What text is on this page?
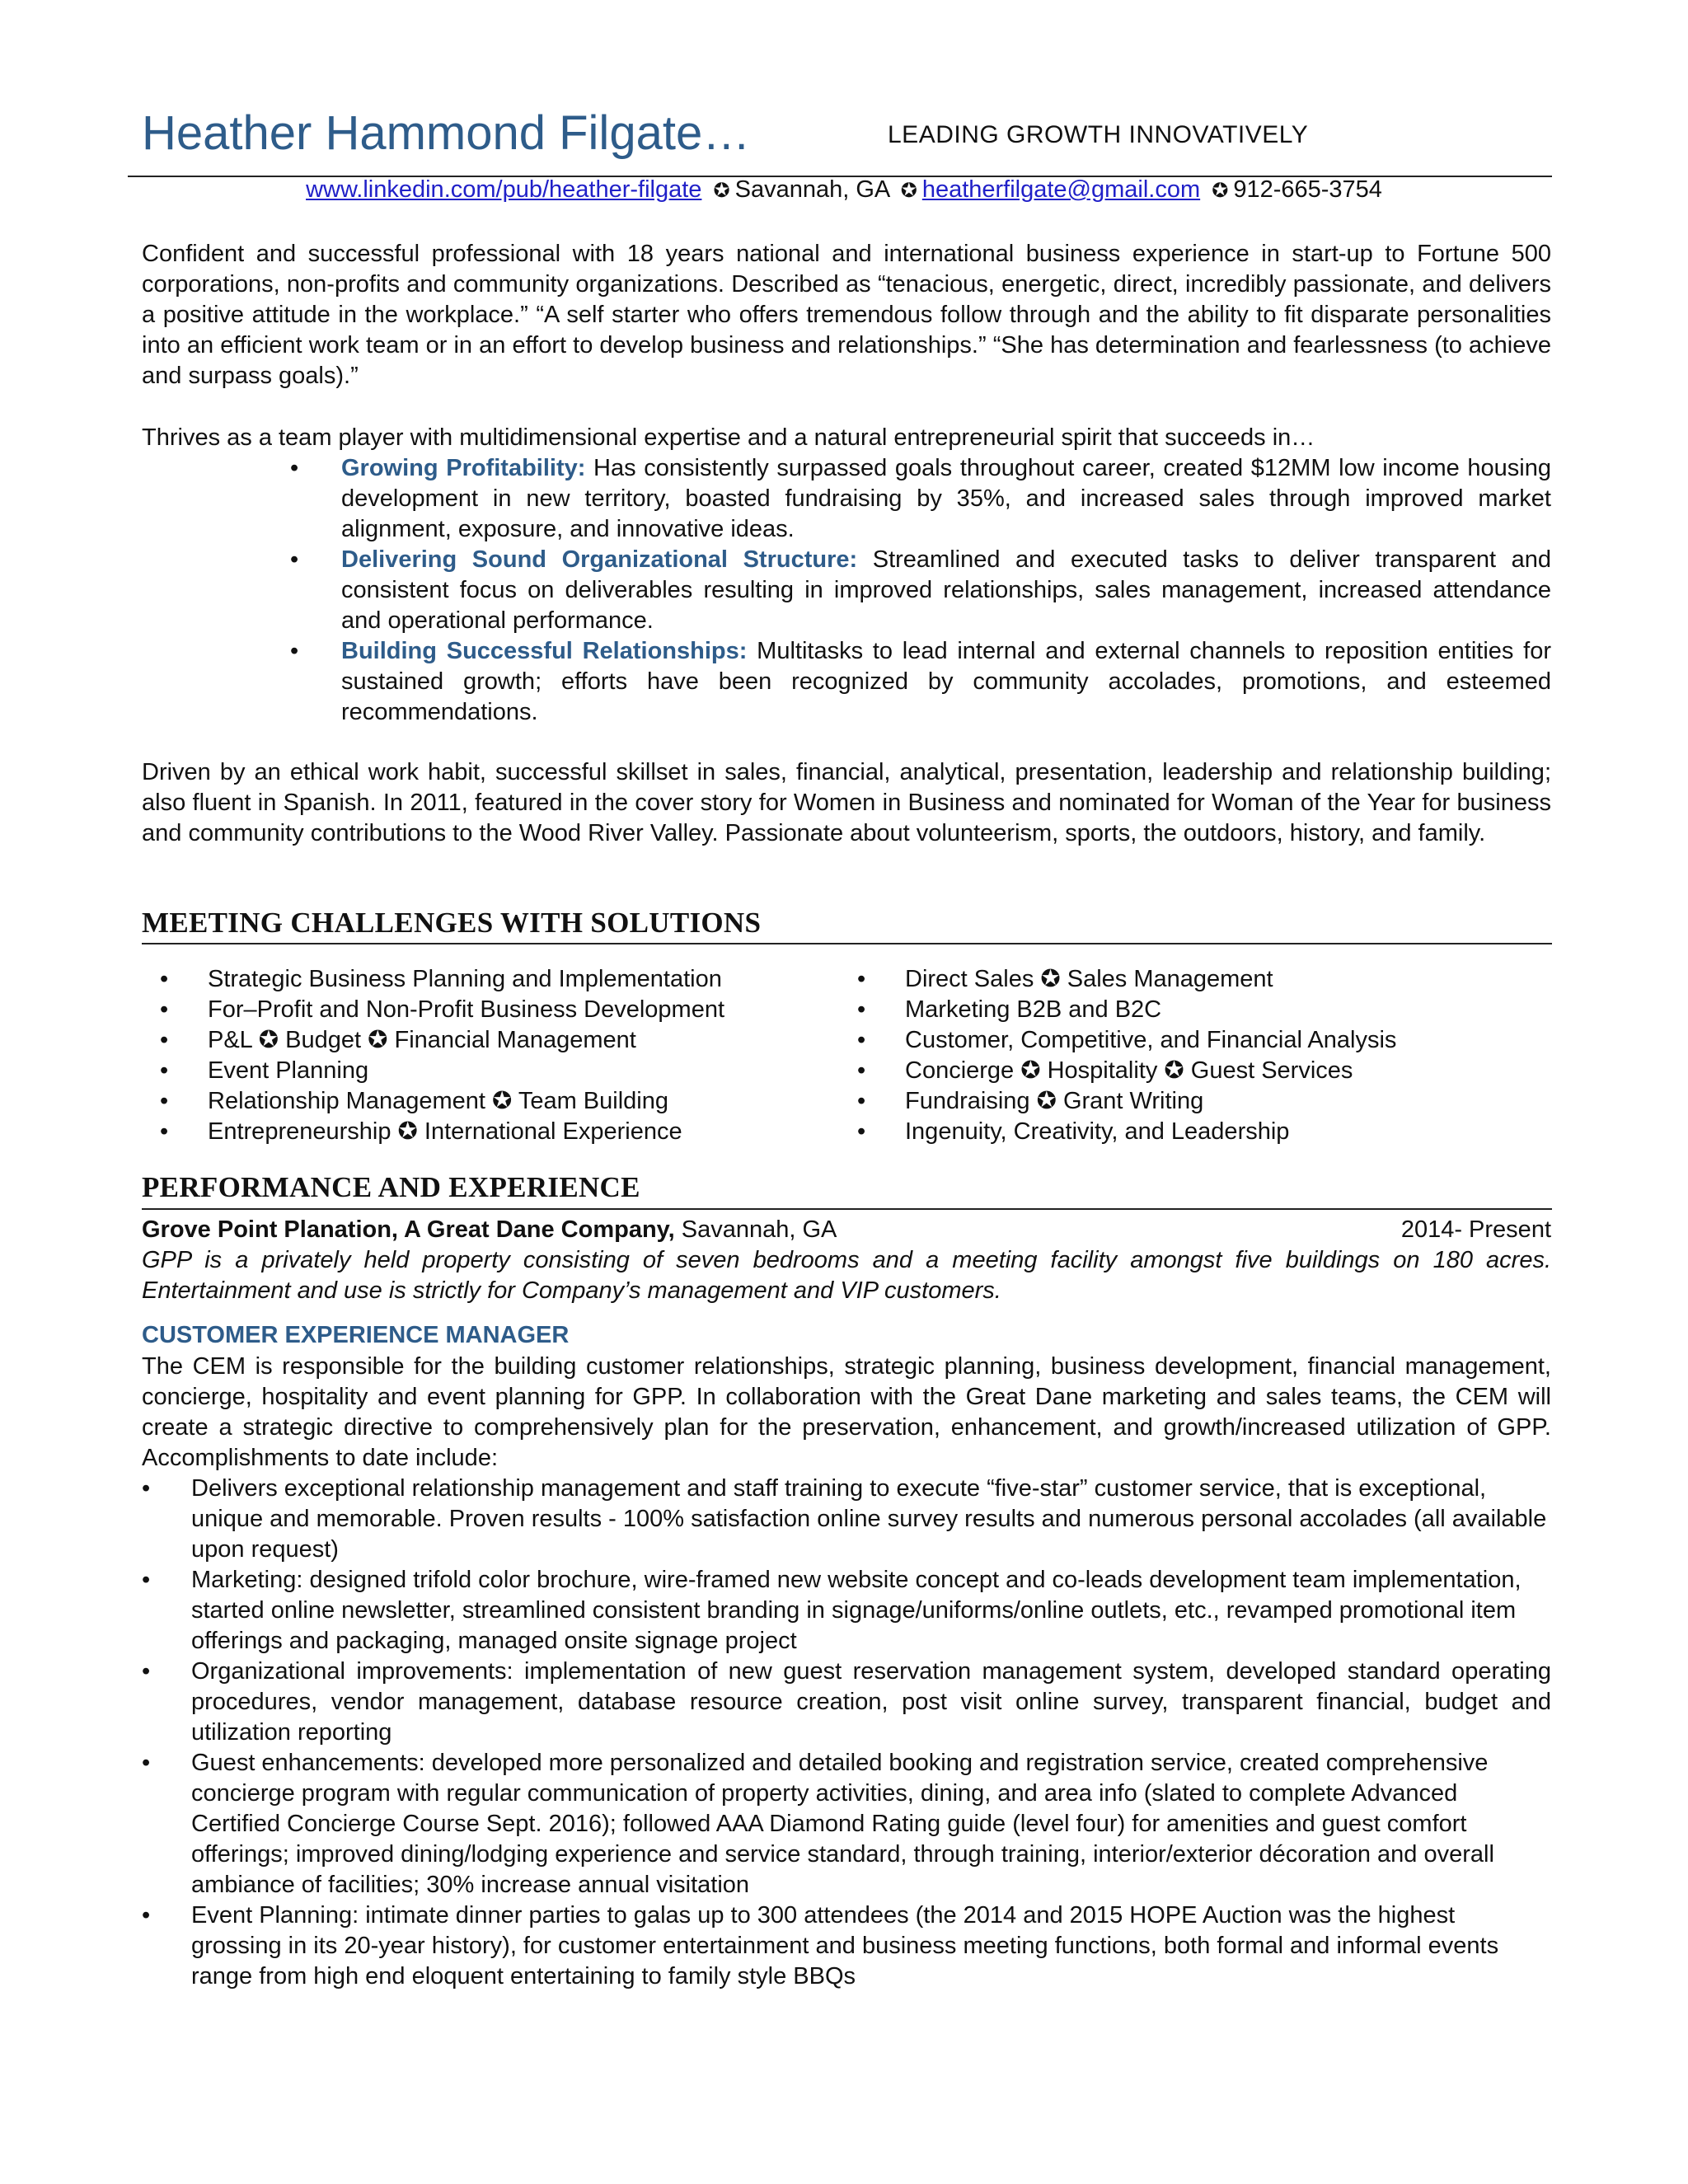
Heather Hammond Filgate…	LEADING GROWTH INNOVATIVELY
www.linkedin.com/pub/heather-filgate ✪ Savannah, GA ✪ heatherfilgate@gmail.com ✪ 912-665-3754
Confident and successful professional with 18 years national and international business experience in start-up to Fortune 500 corporations, non-profits and community organizations. Described as “tenacious, energetic, direct, incredibly passionate, and delivers a positive attitude in the workplace.” “A self starter who offers tremendous follow through and the ability to fit disparate personalities into an efficient work team or in an effort to develop business and relationships.” “She has determination and fearlessness (to achieve and surpass goals).”
Thrives as a team player with multidimensional expertise and a natural entrepreneurial spirit that succeeds in…
• Growing Profitability: Has consistently surpassed goals throughout career, created $12MM low income housing development in new territory, boasted fundraising by 35%, and increased sales through improved market alignment, exposure, and innovative ideas.
• Delivering Sound Organizational Structure: Streamlined and executed tasks to deliver transparent and consistent focus on deliverables resulting in improved relationships, sales management, increased attendance and operational performance.
• Building Successful Relationships: Multitasks to lead internal and external channels to reposition entities for sustained growth; efforts have been recognized by community accolades, promotions, and esteemed recommendations.
Driven by an ethical work habit, successful skillset in sales, financial, analytical, presentation, leadership and relationship building; also fluent in Spanish. In 2011, featured in the cover story for Women in Business and nominated for Woman of the Year for business and community contributions to the Wood River Valley. Passionate about volunteerism, sports, the outdoors, history, and family.
MEETING CHALLENGES WITH SOLUTIONS
• Strategic Business Planning and Implementation
• For–Profit and Non-Profit Business Development
• P&L ✪ Budget ✪ Financial Management
• Event Planning
• Relationship Management ✪ Team Building
• Entrepreneurship ✪ International Experience
• Direct Sales ✪ Sales Management
• Marketing B2B and B2C
• Customer, Competitive, and Financial Analysis
• Concierge ✪ Hospitality ✪ Guest Services
• Fundraising ✪ Grant Writing
• Ingenuity, Creativity, and Leadership
PERFORMANCE AND EXPERIENCE
Grove Point Planation, A Great Dane Company, Savannah, GA	2014- Present
GPP is a privately held property consisting of seven bedrooms and a meeting facility amongst five buildings on 180 acres. Entertainment and use is strictly for Company’s management and VIP customers.
CUSTOMER EXPERIENCE MANAGER
The CEM is responsible for the building customer relationships, strategic planning, business development, financial management, concierge, hospitality and event planning for GPP. In collaboration with the Great Dane marketing and sales teams, the CEM will create a strategic directive to comprehensively plan for the preservation, enhancement, and growth/increased utilization of GPP. Accomplishments to date include:
• Delivers exceptional relationship management and staff training to execute “five-star” customer service, that is exceptional, unique and memorable. Proven results - 100% satisfaction online survey results and numerous personal accolades (all available upon request)
• Marketing: designed trifold color brochure, wire-framed new website concept and co-leads development team implementation, started online newsletter, streamlined consistent branding in signage/uniforms/online outlets, etc., revamped promotional item offerings and packaging, managed onsite signage project
• Organizational improvements: implementation of new guest reservation management system, developed standard operating procedures, vendor management, database resource creation, post visit online survey, transparent financial, budget and utilization reporting
• Guest enhancements: developed more personalized and detailed booking and registration service, created comprehensive concierge program with regular communication of property activities, dining, and area info (slated to complete Advanced Certified Concierge Course Sept. 2016); followed AAA Diamond Rating guide (level four) for amenities and guest comfort offerings; improved dining/lodging experience and service standard, through training, interior/exterior décoration and overall ambiance of facilities; 30% increase annual visitation
• Event Planning: intimate dinner parties to galas up to 300 attendees (the 2014 and 2015 HOPE Auction was the highest grossing in its 20-year history), for customer entertainment and business meeting functions, both formal and informal events range from high end eloquent entertaining to family style BBQs
